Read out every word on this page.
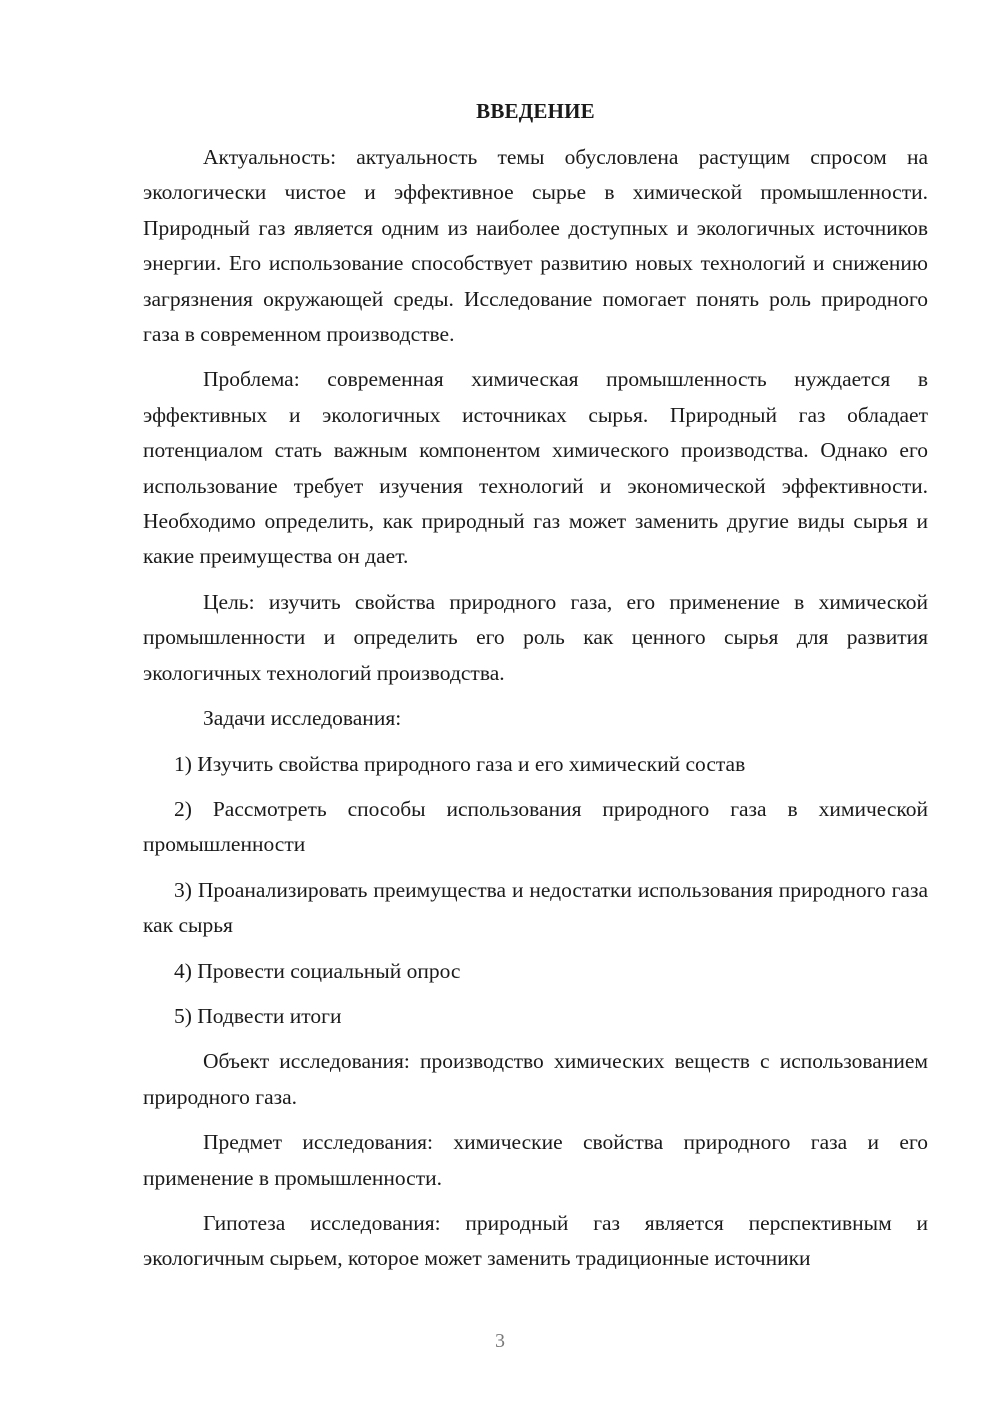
ВВЕДЕНИЕ

Актуальность: актуальность темы обусловлена растущим спросом на экологически чистое и эффективное сырье в химической промышленности. Природный газ является одним из наиболее доступных и экологичных источников энергии. Его использование способствует развитию новых технологий и снижению загрязнения окружающей среды. Исследование помогает понять роль природного газа в современном производстве.

Проблема: современная химическая промышленность нуждается в эффективных и экологичных источниках сырья. Природный газ обладает потенциалом стать важным компонентом химического производства. Однако его использование требует изучения технологий и экономической эффективности. Необходимо определить, как природный газ может заменить другие виды сырья и какие преимущества он дает.

Цель: изучить свойства природного газа, его применение в химической промышленности и определить его роль как ценного сырья для развития экологичных технологий производства.

Задачи исследования:

1) Изучить свойства природного газа и его химический состав

2) Рассмотреть способы использования природного газа в химической промышленности

3) Проанализировать преимущества и недостатки использования природного газа как сырья

4) Провести социальный опрос

5) Подвести итоги

Объект исследования: производство химических веществ с использованием природного газа.

Предмет исследования: химические свойства природного газа и его применение в промышленности.

Гипотеза исследования: природный газ является перспективным и экологичным сырьем, которое может заменить традиционные источники

3
